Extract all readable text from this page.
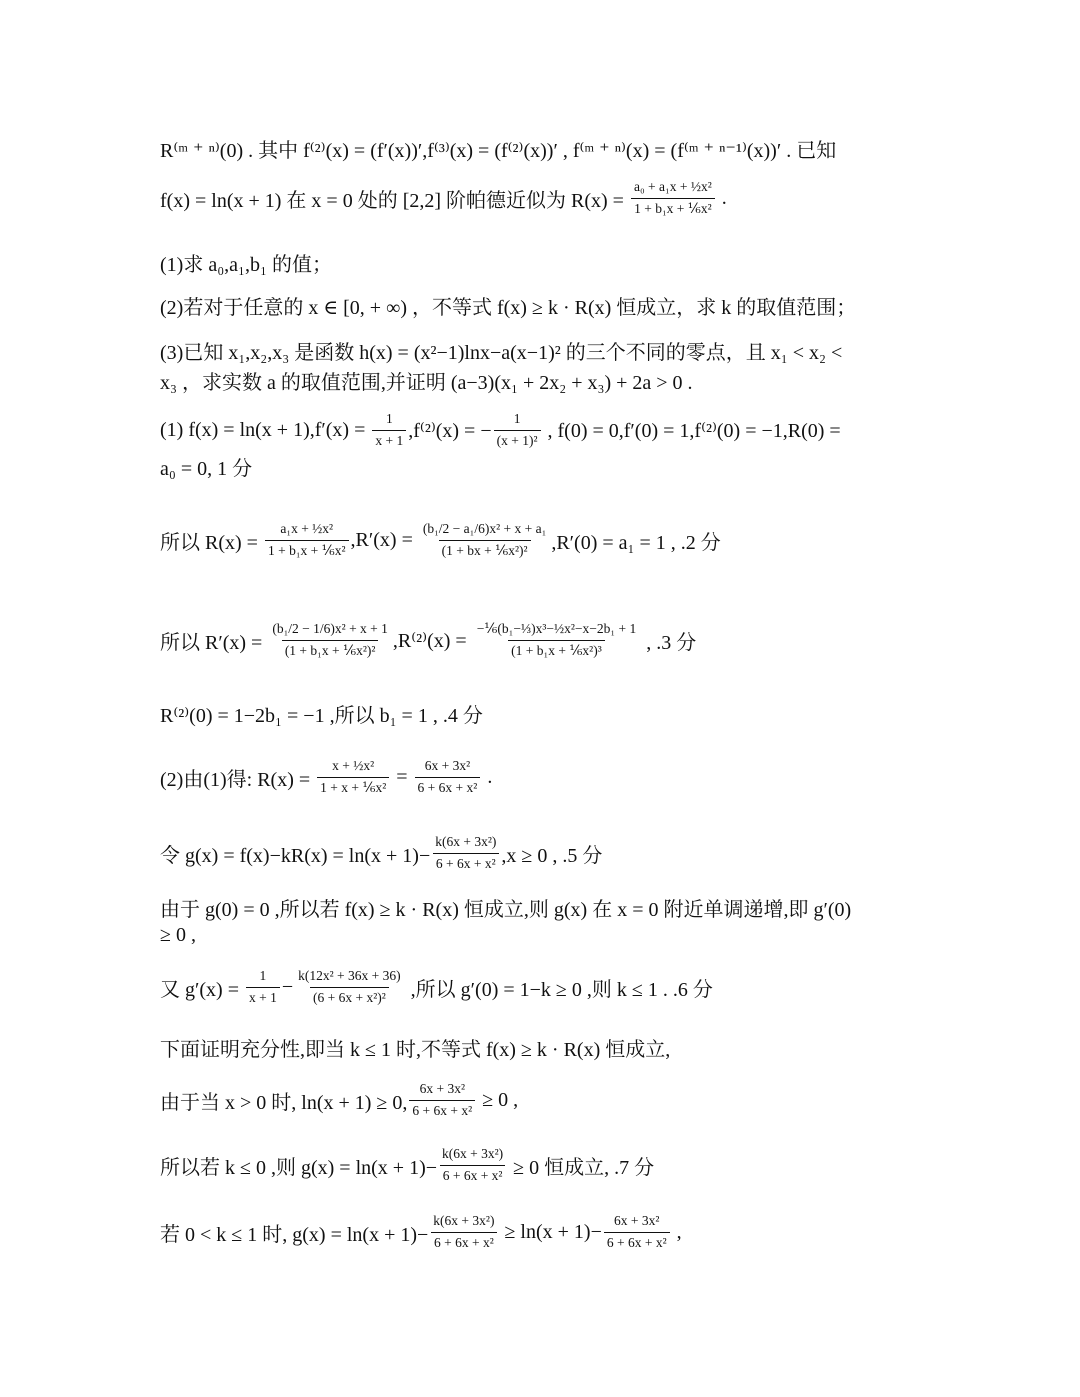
R⁽ᵐ ⁺ ⁿ⁾(0) . 其中 f⁽²⁾(x) = (f′(x))′,f⁽³⁾(x) = (f⁽²⁾(x))′ , f⁽ᵐ ⁺ ⁿ⁾(x) = (f⁽ᵐ ⁺ ⁿ⁻¹⁾(x))′ . 已知
f(x) = ln(x + 1) 在 x = 0 处的 [2,2] 阶帕德近似为 $R(x) = \frac{\text{a₀ + a₁x + ½x²}}{\text{1 + b₁x + ⅙x²}}$ .
(1)求 a₀,a₁,b₁ 的值；
(2)若对于任意的 x ∈ [0, + ∞) ，不等式 f(x) ≥ k · R(x) 恒成立，求 k 的取值范围；
(3)已知 x₁,x₂,x₃ 是函数 h(x) = (x²−1)lnx−a(x−1)² 的三个不同的零点，且 x₁ < x₂ <
x₃ ，求实数 a 的取值范围,并证明 (a−3)(x₁ + 2x₂ + x₃) + 2a > 0 .
(1) $f(x) = \ln(x + 1),f'(x) = \frac{1}{x + 1} ,f^{(2)}(x)$ = − $\frac{1}{\text{(x + 1)²}}$ , f(0) = 0,f′(0) = 1,f⁽²⁾(0) = −1,R(0) =
a₀ = 0, 1 分
所以 $R(x) = \frac{\text{a₁x + ½x²}}{\text{1 + b₁x + ⅙x²}} ,R'(x) = \frac{\text{(b₁/2 − a₁/6)x² + x + a₁}}{\text{(1 + bx + ⅙x²)²}} ,R'(0) = a_1 = 1$ , .2 分
所以 $R'(x) = \frac{\text{(b₁/2 − 1/6)x² + x + 1}}{\text{(1 + b₁x + ⅙x²)²}} ,R^{(2)}(x) = \frac{\text{−⅙(b₁−⅓)x³−½x²−x−2b₁ + 1}}{\text{(1 + b₁x + ⅙x²)³}}$ , .3 分
R⁽²⁾(0) = 1−2b₁ = −1 ,所以 b₁ = 1 , .4 分
(2)由(1)得: $R(x) = \frac{\text{x + ½x²}}{\text{1 + x + ⅙x²}} = \frac{\text{6x + 3x²}}{\text{6 + 6x + x²}}$ .
令 $g(x) = f(x)-kR(x) = \ln(x + 1)- \frac{\text{k(6x + 3x²)}}{\text{6 + 6x + x²}} ,x \ge 0$ , .5 分
由于 g(0) = 0 ,所以若 f(x) ≥ k · R(x) 恒成立,则 g(x) 在 x = 0 附近单调递增,即 g′(0)
≥ 0 ,
又 $g'(x) = \frac{1}{x + 1} - \frac{\text{k(12x² + 36x + 36)}}{\text{(6 + 6x + x²)²}}$ ,所以 g′(0) = 1−k ≥ 0 ,则 k ≤ 1 . .6 分
下面证明充分性,即当 k ≤ 1 时,不等式 f(x) ≥ k · R(x) 恒成立,
由于当 x > 0 时, ln(x + 1) ≥ 0, $\frac{\text{6x + 3x²}}{\text{6 + 6x + x²}} \ge 0$ ,
所以若 k ≤ 0 ,则 $g(x) = \ln(x + 1)- \frac{\text{k(6x + 3x²)}}{\text{6 + 6x + x²}} \ge 0$ 恒成立, .7 分
若 0 < k ≤ 1 时, $g(x) = \ln(x + 1)- \frac{\text{k(6x + 3x²)}}{\text{6 + 6x + x²}} \ge \ln(x + 1)- \frac{\text{6x + 3x²}}{\text{6 + 6x + x²}}$ ,
